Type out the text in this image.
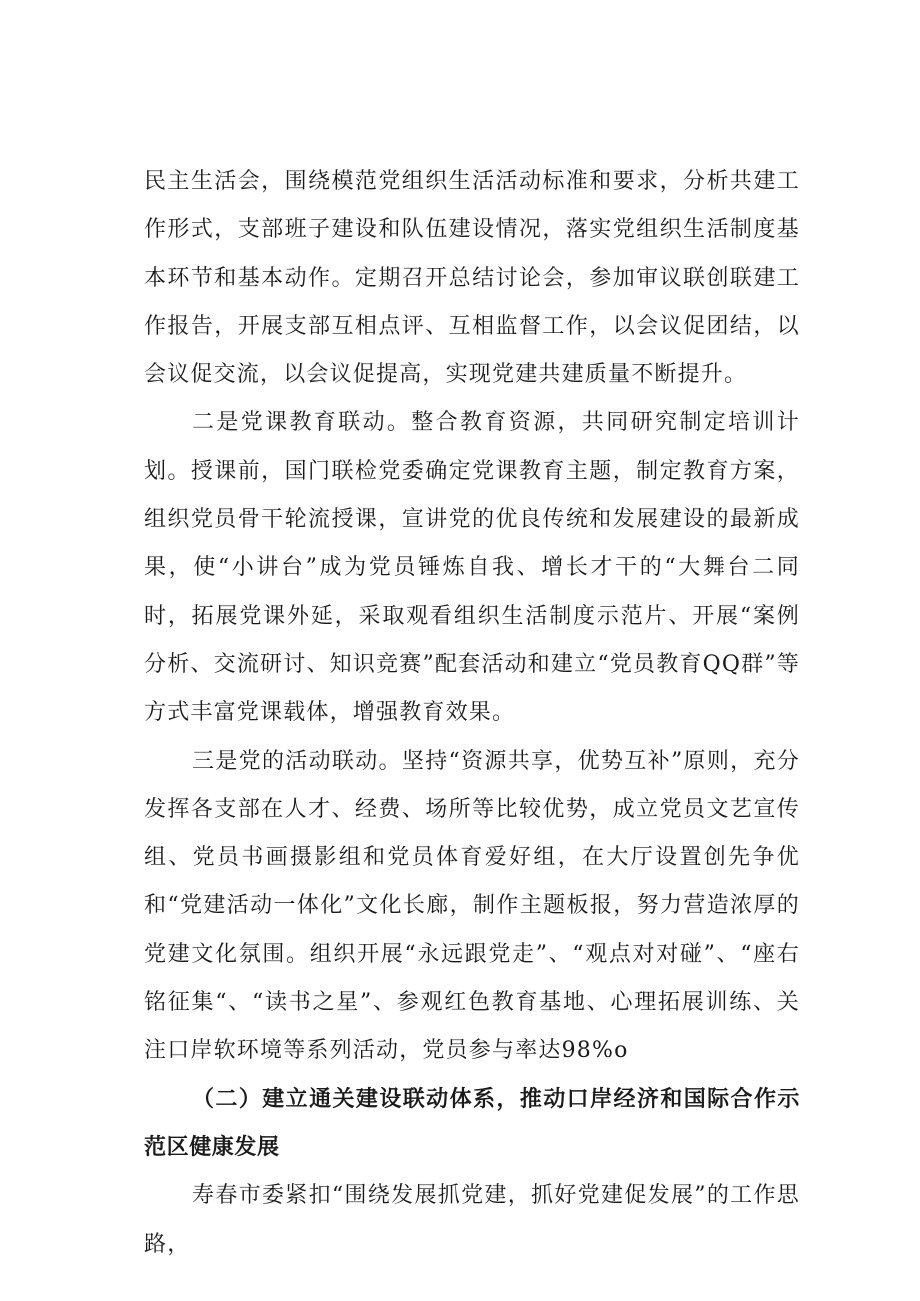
民主生活会，围绕模范党组织生活活动标准和要求，分析共建工作形式，支部班子建设和队伍建设情况，落实党组织生活制度基本环节和基本动作。定期召开总结讨论会，参加审议联创联建工作报告，开展支部互相点评、互相监督工作，以会议促团结，以会议促交流，以会议促提高，实现党建共建质量不断提升。

二是党课教育联动。整合教育资源，共同研究制定培训计划。授课前，国门联检党委确定党课教育主题，制定教育方案，组织党员骨干轮流授课，宣讲党的优良传统和发展建设的最新成果，使“小讲台”成为党员锤炼自我、增长才干的“大舞台二同时，拓展党课外延，采取观看组织生活制度示范片、开展“案例分析、交流研讨、知识竞赛”配套活动和建立“党员教育QQ群”等方式丰富党课载体，增强教育效果。

三是党的活动联动。坚持“资源共享，优势互补”原则，充分发挥各支部在人才、经费、场所等比较优势，成立党员文艺宣传组、党员书画摄影组和党员体育爱好组，在大厅设置创先争优和“党建活动一体化”文化长廊，制作主题板报，努力营造浓厚的党建文化氛围。组织开展“永远跟党走”、“观点对对碰”、“座右铭征集“、“读书之星”、参观红色教育基地、心理拓展训练、关注口岸软环境等系列活动，党员参与率达98%o

（二）建立通关建设联动体系，推动口岸经济和国际合作示范区健康发展

寿春市委紧扣“围绕发展抓党建，抓好党建促发展”的工作思路，
